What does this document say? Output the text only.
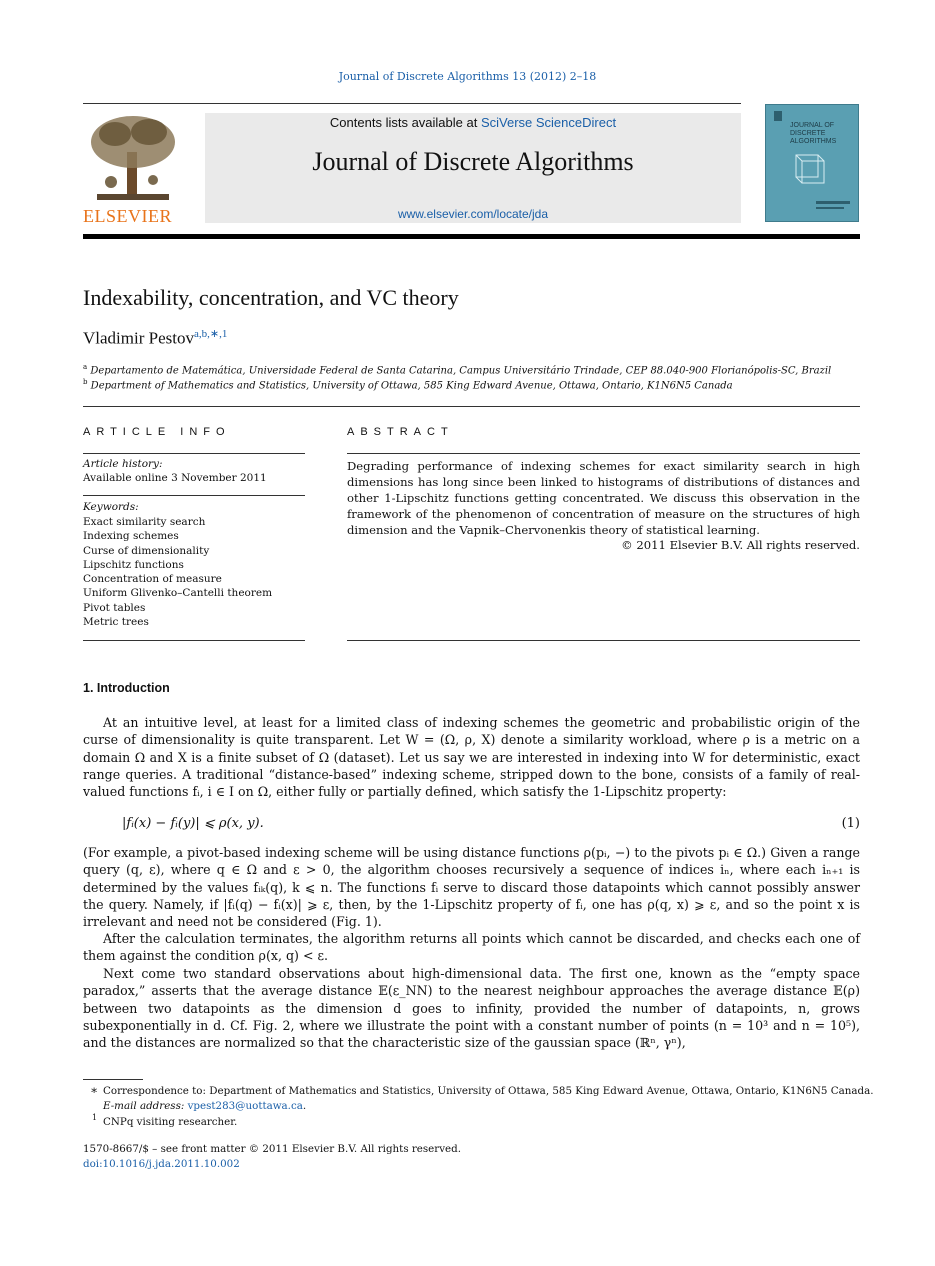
Journal of Discrete Algorithms 13 (2012) 2–18
ELSEVIER
Contents lists available at SciVerse ScienceDirect
Journal of Discrete Algorithms
www.elsevier.com/locate/jda
JOURNAL OF DISCRETE ALGORITHMS
Indexability, concentration, and VC theory
Vladimir Pestov$^{a,b,∗,1}$
$^a$ Departamento de Matemática, Universidade Federal de Santa Catarina, Campus Universitário Trindade, CEP 88.040-900 Florianópolis-SC, Brazil
$^b$ Department of Mathematics and Statistics, University of Ottawa, 585 King Edward Avenue, Ottawa, Ontario, K1N6N5 Canada
ARTICLE INFO
Article history:
Available online 3 November 2011
Keywords:
Exact similarity search
Indexing schemes
Curse of dimensionality
Lipschitz functions
Concentration of measure
Uniform Glivenko–Cantelli theorem
Pivot tables
Metric trees
ABSTRACT
Degrading performance of indexing schemes for exact similarity search in high dimensions has long since been linked to histograms of distributions of distances and other 1-Lipschitz functions getting concentrated. We discuss this observation in the framework of the phenomenon of concentration of measure on the structures of high dimension and the Vapnik–Chervonenkis theory of statistical learning.
© 2011 Elsevier B.V. All rights reserved.
1. Introduction
At an intuitive level, at least for a limited class of indexing schemes the geometric and probabilistic origin of the curse of dimensionality is quite transparent. Let W = (Ω, ρ, X) denote a similarity workload, where ρ is a metric on a domain Ω and X is a finite subset of Ω (dataset). Let us say we are interested in indexing into W for deterministic, exact range queries. A traditional “distance-based” indexing scheme, stripped down to the bone, consists of a family of real-valued functions fᵢ, i ∈ I on Ω, either fully or partially defined, which satisfy the 1-Lipschitz property:
|fᵢ(x) − fᵢ(y)| ⩽ ρ(x, y).	(1)
(For example, a pivot-based indexing scheme will be using distance functions ρ(pᵢ, −) to the pivots pᵢ ∈ Ω.) Given a range query (q, ε), where q ∈ Ω and ε > 0, the algorithm chooses recursively a sequence of indices iₙ, where each iₙ₊₁ is determined by the values fᵢₖ(q), k ⩽ n. The functions fᵢ serve to discard those datapoints which cannot possibly answer the query. Namely, if |fᵢ(q) − fᵢ(x)| ⩾ ε, then, by the 1-Lipschitz property of fᵢ, one has ρ(q, x) ⩾ ε, and so the point x is irrelevant and need not be considered (Fig. 1).
After the calculation terminates, the algorithm returns all points which cannot be discarded, and checks each one of them against the condition ρ(x, q) < ε.
Next come two standard observations about high-dimensional data. The first one, known as the “empty space paradox,” asserts that the average distance 𝔼(ε_NN) to the nearest neighbour approaches the average distance 𝔼(ρ) between two datapoints as the dimension d goes to infinity, provided the number of datapoints, n, grows subexponentially in d. Cf. Fig. 2, where we illustrate the point with a constant number of points (n = 10³ and n = 10⁵), and the distances are normalized so that the characteristic size of the gaussian space (ℝⁿ, γⁿ),
∗ Correspondence to: Department of Mathematics and Statistics, University of Ottawa, 585 King Edward Avenue, Ottawa, Ontario, K1N6N5 Canada.
E-mail address: vpest283@uottawa.ca.
1 CNPq visiting researcher.
1570-8667/$ – see front matter © 2011 Elsevier B.V. All rights reserved.
doi:10.1016/j.jda.2011.10.002
